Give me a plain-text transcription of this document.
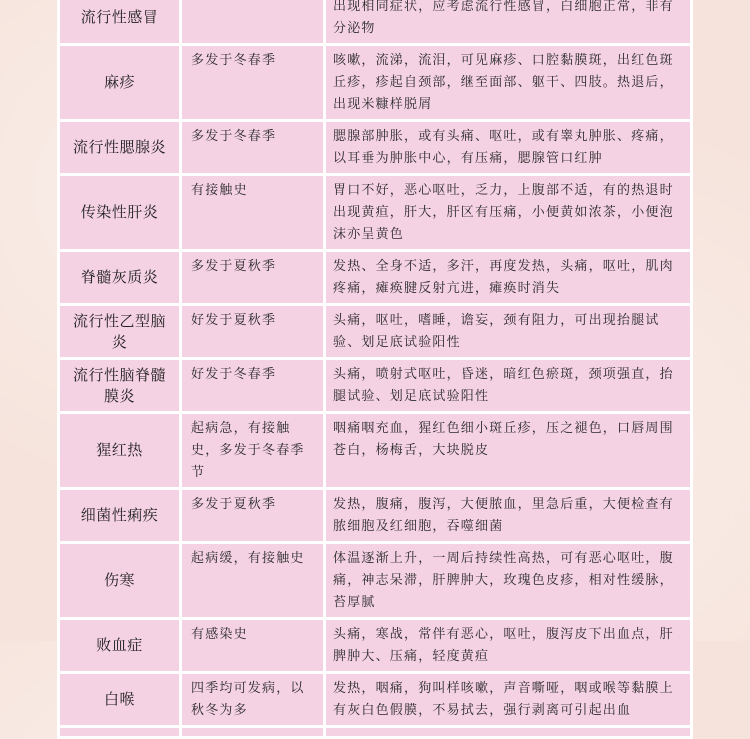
流行性感冒		出现相同症状，应考虑流行性感冒，白细胞正常，非有分泌物
麻疹	多发于冬春季	咳嗽，流涕，流泪，可见麻疹、口腔黏膜斑，出红色斑丘疹，疹起自颈部，继至面部、躯干、四肢。热退后，出现米糠样脱屑
流行性腮腺炎	多发于冬春季	腮腺部肿胀，或有头痛、呕吐，或有睾丸肿胀、疼痛，以耳垂为肿胀中心，有压痛，腮腺管口红肿
传染性肝炎	有接触史	胃口不好，恶心呕吐，乏力，上腹部不适，有的热退时出现黄疸，肝大，肝区有压痛，小便黄如浓茶，小便泡沫亦呈黄色
脊髓灰质炎	多发于夏秋季	发热、全身不适，多汗，再度发热，头痛，呕吐，肌肉疼痛，瘫痪腱反射亢进，瘫痪时消失
流行性乙型脑炎	好发于夏秋季	头痛，呕吐，嗜睡，谵妄，颈有阻力，可出现抬腿试验、划足底试验阳性
流行性脑脊髓膜炎	好发于冬春季	头痛，喷射式呕吐，昏迷，暗红色瘀斑，颈项强直，抬腿试验、划足底试验阳性
猩红热	起病急，有接触史，多发于冬春季节	咽痛咽充血，猩红色细小斑丘疹，压之褪色，口唇周围苍白，杨梅舌，大块脱皮
细菌性痢疾	多发于夏秋季	发热，腹痛，腹泻，大便脓血，里急后重，大便检查有脓细胞及红细胞，吞噬细菌
伤寒	起病缓，有接触史	体温逐渐上升，一周后持续性高热，可有恶心呕吐，腹痛，神志呆滞，肝脾肿大，玫瑰色皮疹，相对性缓脉，苔厚腻
败血症	有感染史	头痛，寒战，常伴有恶心，呕吐，腹泻皮下出血点，肝脾肿大、压痛，轻度黄疸
白喉	四季均可发病，以秋冬为多	发热，咽痛，狗叫样咳嗽，声音嘶哑，咽或喉等黏膜上有灰白色假膜，不易拭去，强行剥离可引起出血
